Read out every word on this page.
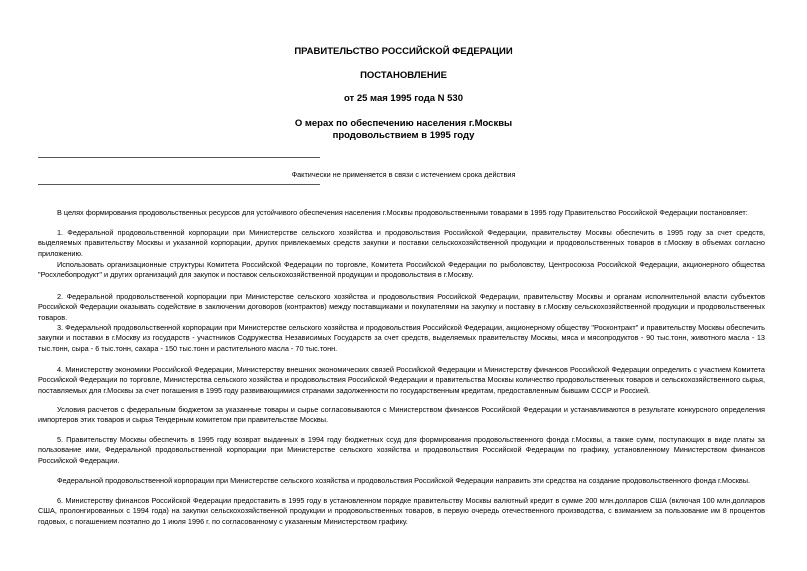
ПРАВИТЕЛЬСТВО РОССИЙСКОЙ ФЕДЕРАЦИИ

ПОСТАНОВЛЕНИЕ

от 25 мая 1995 года N 530

О мерах по обеспечению населения г.Москвы

продовольствием в 1995 году

Фактически не применяется в связи с истечением срока действия

В целях формирования продовольственных ресурсов для устойчивого обеспечения населения г.Москвы продовольственными товарами в 1995 году Правительство Российской Федерации постановляет:

1. Федеральной продовольственной корпорации при Министерстве сельского хозяйства и продовольствия Российской Федерации, правительству Москвы обеспечить в 1995 году за счет средств, выделяемых правительству Москвы и указанной корпорации, других привлекаемых средств закупки и поставки сельскохозяйственной продукции и продовольственных товаров в г.Москву в объемах согласно приложению.

Использовать организационные структуры Комитета Российской Федерации по торговле, Комитета Российской Федерации по рыболовству, Центросоюза Российской Федерации, акционерного общества "Росхлебопродукт" и других организаций для закупок и поставок сельскохозяйственной продукции и продовольствия в г.Москву.

2. Федеральной продовольственной корпорации при Министерстве сельского хозяйства и продовольствия Российской Федерации, правительству Москвы и органам исполнительной власти субъектов Российской Федерации оказывать содействие в заключении договоров (контрактов) между поставщиками и покупателями на закупку и поставку в г.Москву сельскохозяйственной продукции и продовольственных товаров.

3. Федеральной продовольственной корпорации при Министерстве сельского хозяйства и продовольствия Российской Федерации, акционерному обществу "Росконтракт" и правительству Москвы обеспечить закупки и поставки в г.Москву из государств - участников Содружества Независимых Государств за счет средств, выделяемых правительству Москвы, мяса и мясопродуктов - 90 тыс.тонн, животного масла - 13 тыс.тонн, сыра - 6 тыс.тонн, сахара - 150 тыс.тонн и растительного масла - 70 тыс.тонн.

4. Министерству экономики Российской Федерации, Министерству внешних экономических связей Российской Федерации и Министерству финансов Российской Федерации определить с участием Комитета Российской Федерации по торговле, Министерства сельского хозяйства и продовольствия Российской Федерации и правительства Москвы количество продовольственных товаров и сельскохозяйственного сырья, поставляемых для г.Москвы за счет погашения в 1995 году развивающимися странами задолженности по государственным кредитам, предоставленным бывшим СССР и Россией.

Условия расчетов с федеральным бюджетом за указанные товары и сырье согласовываются с Министерством финансов Российской Федерации и устанавливаются в результате конкурсного определения импортеров этих товаров и сырья Тендерным комитетом при правительстве Москвы.

5. Правительству Москвы обеспечить в 1995 году возврат выданных в 1994 году бюджетных ссуд для формирования продовольственного фонда г.Москвы, а также сумм, поступающих в виде платы за пользование ими, Федеральной продовольственной корпорации при Министерстве сельского хозяйства и продовольствия Российской Федерации по графику, установленному Министерством финансов Российской Федерации.

Федеральной продовольственной корпорации при Министерстве сельского хозяйства и продовольствия Российской Федерации направить эти средства на создание продовольственного фонда г.Москвы.

6. Министерству финансов Российской Федерации предоставить в 1995 году в установленном порядке правительству Москвы валютный кредит в сумме 200 млн.долларов США (включая 100 млн.долларов США, пролонгированных с 1994 года) на закупки сельскохозяйственной продукции и продовольственных товаров, в первую очередь отечественного производства, с взиманием за пользование им 8 процентов годовых, с погашением поэтапно до 1 июля 1996 г. по согласованному с указанным Министерством графику.
